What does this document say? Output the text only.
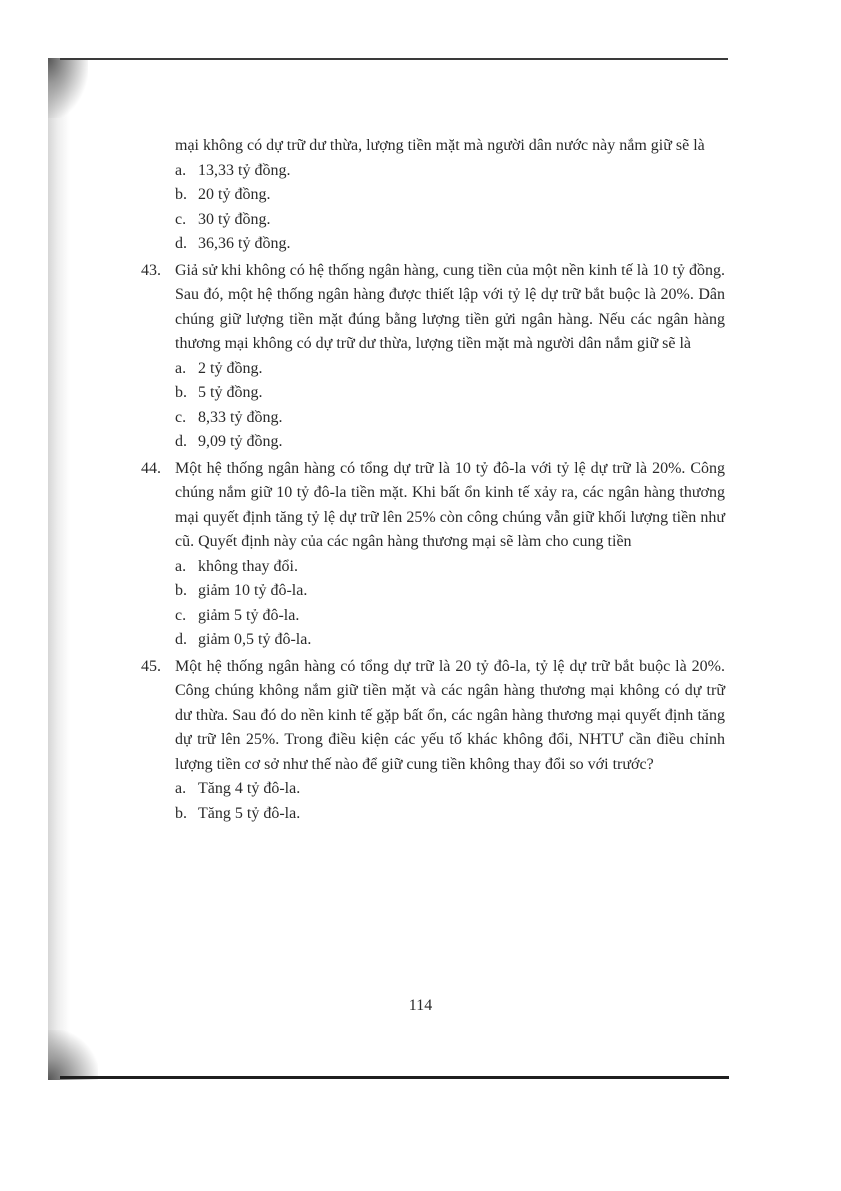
mại không có dự trữ dư thừa, lượng tiền mặt mà người dân nước này nắm giữ sẽ là
a. 13,33 tỷ đồng.
b. 20 tỷ đồng.
c. 30 tỷ đồng.
d. 36,36 tỷ đồng.
43. Giả sử khi không có hệ thống ngân hàng, cung tiền của một nền kinh tế là 10 tỷ đồng. Sau đó, một hệ thống ngân hàng được thiết lập với tỷ lệ dự trữ bắt buộc là 20%. Dân chúng giữ lượng tiền mặt đúng bằng lượng tiền gửi ngân hàng. Nếu các ngân hàng thương mại không có dự trữ dư thừa, lượng tiền mặt mà người dân nắm giữ sẽ là
a. 2 tỷ đồng.
b. 5 tỷ đồng.
c. 8,33 tỷ đồng.
d. 9,09 tỷ đồng.
44. Một hệ thống ngân hàng có tổng dự trữ là 10 tỷ đô-la với tỷ lệ dự trữ là 20%. Công chúng nắm giữ 10 tỷ đô-la tiền mặt. Khi bất ổn kinh tế xảy ra, các ngân hàng thương mại quyết định tăng tỷ lệ dự trữ lên 25% còn công chúng vẫn giữ khối lượng tiền như cũ. Quyết định này của các ngân hàng thương mại sẽ làm cho cung tiền
a. không thay đổi.
b. giảm 10 tỷ đô-la.
c. giảm 5 tỷ đô-la.
d. giảm 0,5 tỷ đô-la.
45. Một hệ thống ngân hàng có tổng dự trữ là 20 tỷ đô-la, tỷ lệ dự trữ bắt buộc là 20%. Công chúng không nắm giữ tiền mặt và các ngân hàng thương mại không có dự trữ dư thừa. Sau đó do nền kinh tế gặp bất ổn, các ngân hàng thương mại quyết định tăng dự trữ lên 25%. Trong điều kiện các yếu tố khác không đổi, NHTƯ cần điều chỉnh lượng tiền cơ sở như thế nào để giữ cung tiền không thay đổi so với trước?
a. Tăng 4 tỷ đô-la.
b. Tăng 5 tỷ đô-la.
114
